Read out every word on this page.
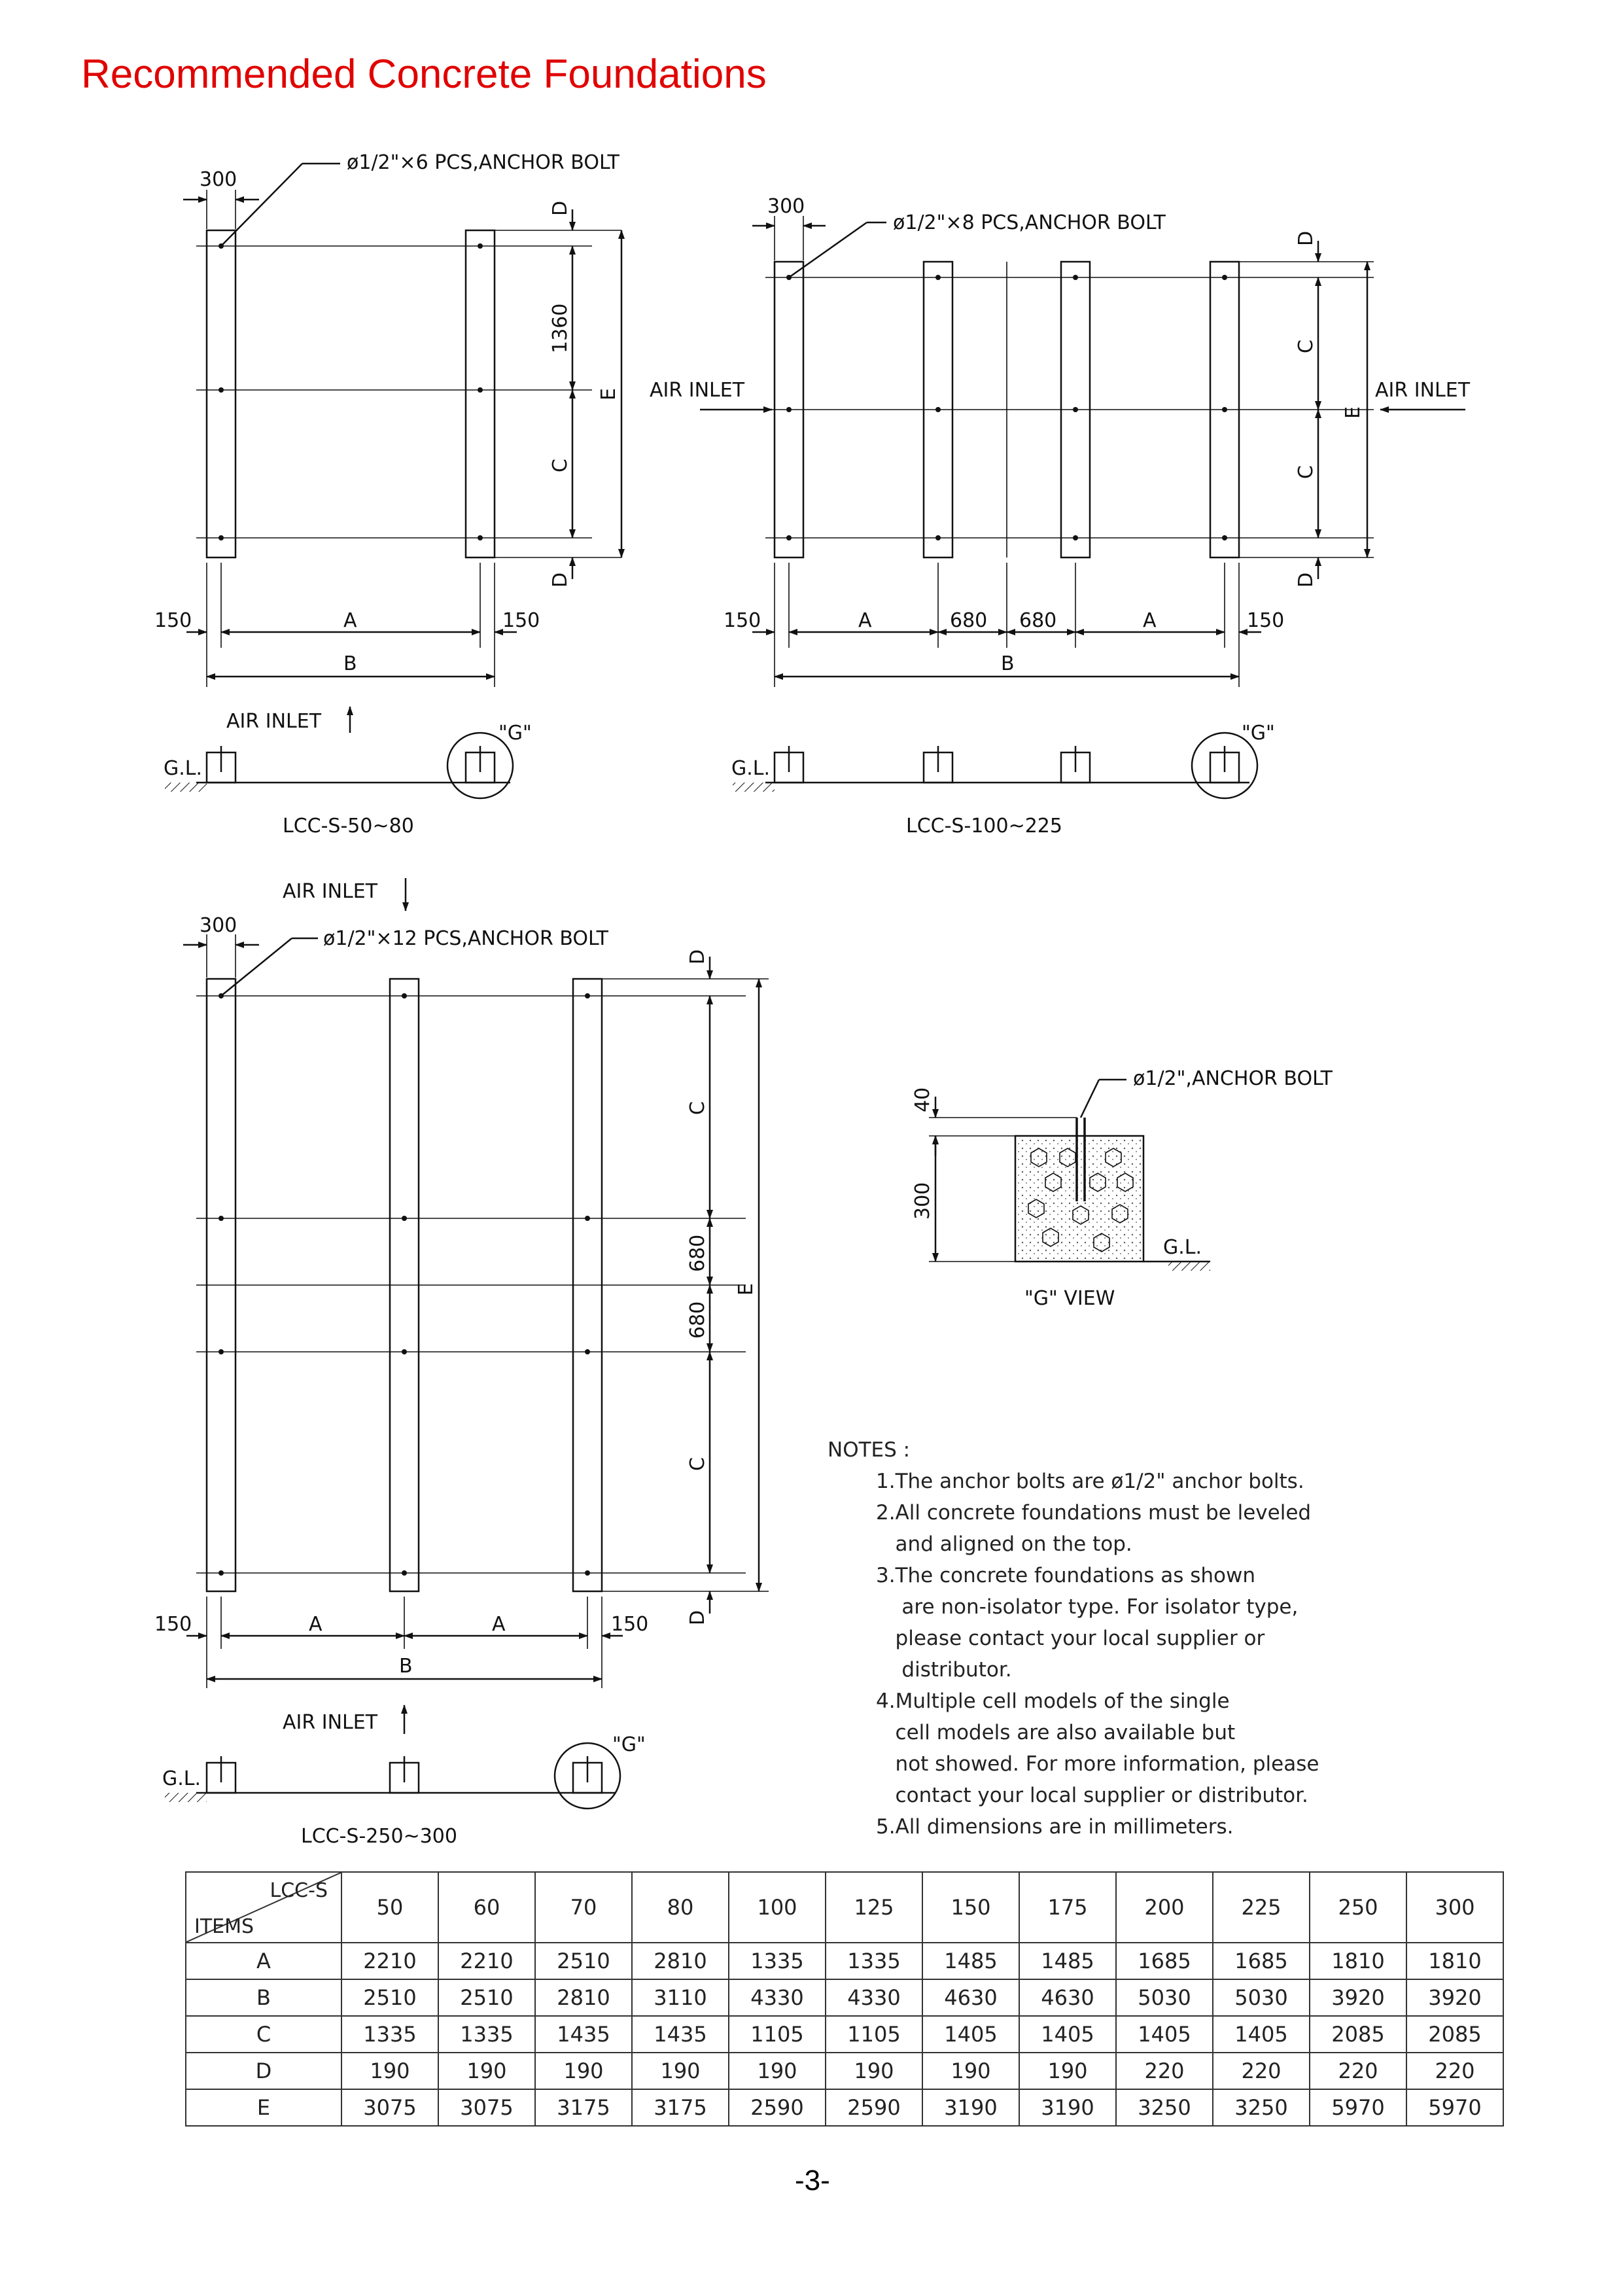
Recommended Concrete Foundations
ø1/2"×6 PCS,ANCHOR BOLT
300
D
1360
C
D
E
150	A	150
B
AIR INLET
G.L.
"G"
LCC-S-50~80
ø1/2"×8 PCS,ANCHOR BOLT
300
D
C
C
D
E
AIR INLET	AIR INLET
150	A	680 680	A	150
B
G.L.
"G"
LCC-S-100~225
AIR INLET
ø1/2"×12 PCS,ANCHOR BOLT
300
D
C
680
680
C
D
E
150	A	A	150
B
AIR INLET
G.L.
"G"
LCC-S-250~300
ø1/2",ANCHOR BOLT
40
300
G.L.
"G" VIEW
NOTES :
1.The anchor bolts are ø1/2" anchor bolts.
2.All concrete foundations must be leveled
and aligned on the top.
3.The concrete foundations as shown
are non-isolator type. For isolator type,
please contact your local supplier or
distributor.
4.Multiple cell models of the single
cell models are also available but
not showed. For more information, please
contact your local supplier or distributor.
5.All dimensions are in millimeters.
LCC-S
ITEMS	50	60	70	80	100	125	150	175	200	225	250	300
A	2210	2210	2510	2810	1335	1335	1485	1485	1685	1685	1810	1810
B	2510	2510	2810	3110	4330	4330	4630	4630	5030	5030	3920	3920
C	1335	1335	1435	1435	1105	1105	1405	1405	1405	1405	2085	2085
D	190	190	190	190	190	190	190	190	220	220	220	220
E	3075	3075	3175	3175	2590	2590	3190	3190	3250	3250	5970	5970
-3-
